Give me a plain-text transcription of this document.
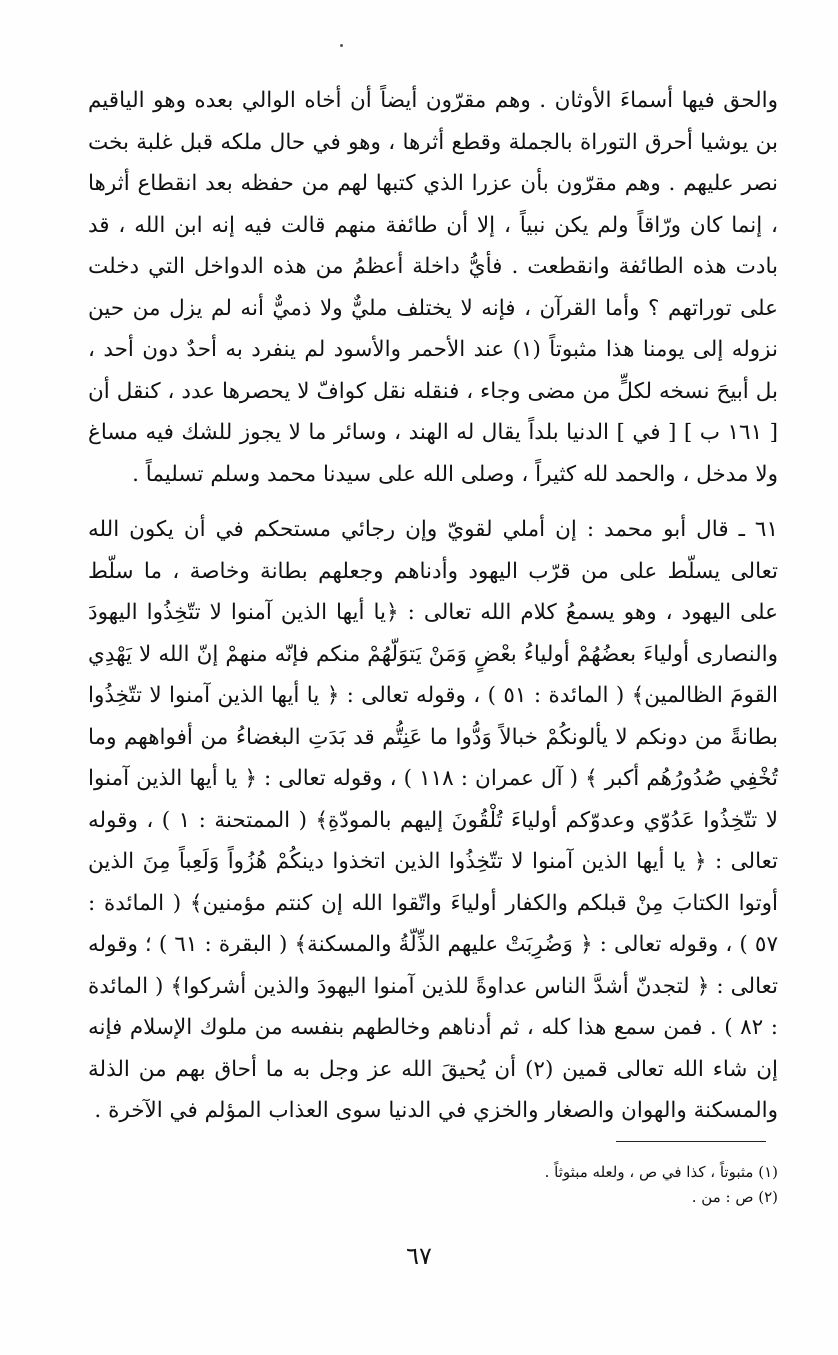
والحق فيها أسماءَ الأوثان . وهم مقرّون أيضاً أن أخاه الوالي بعده وهو الياقيم بن يوشيا أحرق التوراة بالجملة وقطع أثرها ، وهو في حال ملكه قبل غلبة بخت نصر عليهم . وهم مقرّون بأن عزرا الذي كتبها لهم من حفظه بعد انقطاع أثرها ، إنما كان ورّاقاً ولم يكن نبياً ، إلا أن طائفة منهم قالت فيه إنه ابن الله ، قد بادت هذه الطائفة وانقطعت . فأيُّ داخلة أعظمُ من هذه الدواخل التي دخلت على توراتهم ؟ وأما القرآن ، فإنه لا يختلف مليٌّ ولا ذميٌّ أنه لم يزل من حين نزوله إلى يومنا هذا مثبوتاً (١) عند الأحمر والأسود لم ينفرد به أحدٌ دون أحد ، بل أبيحَ نسخه لكلٍّ من مضى وجاء ، فنقله نقل كوافّ لا يحصرها عدد ، كنقل أن [ ١٦١ ب ] [ في ] الدنيا بلداً يقال له الهند ، وسائر ما لا يجوز للشك فيه مساغ ولا مدخل ، والحمد لله كثيراً ، وصلى الله على سيدنا محمد وسلم تسليماً .

٦١ ـ قال أبو محمد : إن أملي لقويّ وإن رجائي مستحكم في أن يكون الله تعالى يسلّط على من قرّب اليهود وأدناهم وجعلهم بطانة وخاصة ، ما سلّط على اليهود ، وهو يسمعُ كلام الله تعالى : ﴿يا أيها الذين آمنوا لا تتّخِذُوا اليهودَ والنصارى أولياءَ بعضُهُمْ أولياءُ بعْضٍ وَمَنْ يَتوَلّهُمْ منكم فإنّه منهمْ إنّ الله لا يَهْدِي القومَ الظالمين﴾ ( المائدة : ٥١ ) ، وقوله تعالى : ﴿ يا أيها الذين آمنوا لا تتّخِذُوا بطانةً من دونكم لا يألونكُمْ خبالاً وَدُّوا ما عَنِتُّم قد بَدَتِ البغضاءُ من أفواههم وما تُخْفِي صُدُورُهُم أكبر ﴾ ( آل عمران : ١١٨ ) ، وقوله تعالى : ﴿ يا أيها الذين آمنوا لا تتّخِذُوا عَدُوّي وعدوّكم أولياءَ تُلْقُونَ إليهم بالمودّةِ﴾ ( الممتحنة : ١ ) ، وقوله تعالى : ﴿ يا أيها الذين آمنوا لا تتّخِذُوا الذين اتخذوا دينكُمْ هُزُواً وَلَعِباً مِنَ الذين أوتوا الكتابَ مِنْ قبلكم والكفار أولياءَ واتّقوا الله إن كنتم مؤمنين﴾ ( المائدة : ٥٧ ) ، وقوله تعالى : ﴿ وَضُرِبَتْ عليهم الذِّلّةُ والمسكنة﴾ ( البقرة : ٦١ ) ؛ وقوله تعالى : ﴿ لتجدنّ أشدَّ الناس عداوةً للذين آمنوا اليهودَ والذين أشركوا﴾ ( المائدة : ٨٢ ) . فمن سمع هذا كله ، ثم أدناهم وخالطهم بنفسه من ملوك الإسلام فإنه إن شاء الله تعالى قمين (٢) أن يُحيقَ الله عز وجل به ما أحاق بهم من الذلة والمسكنة والهوان والصغار والخزي في الدنيا سوى العذاب المؤلم في الآخرة .

(١) مثبوتاً ، كذا في ص ، ولعله مبثوثاً .

(٢) ص : من .

٦٧
